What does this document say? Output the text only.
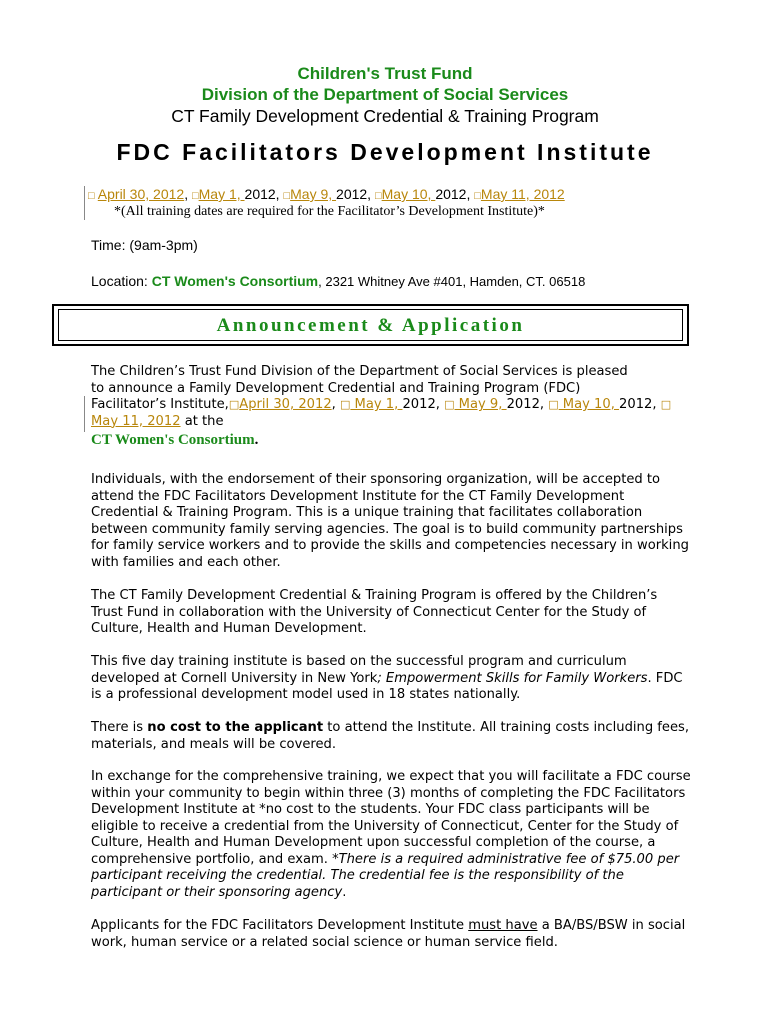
Children's Trust Fund
Division of the Department of Social Services
CT Family Development Credential & Training Program
FDC Facilitators Development Institute
□ April 30, 2012, □May 1, 2012, □May 9, 2012, □May 10, 2012, □May 11, 2012
*(All training dates are required for the Facilitator’s Development Institute)*
Time: (9am-3pm)
Location: CT Women's Consortium, 2321 Whitney Ave #401, Hamden, CT. 06518
Announcement & Application

The Children’s Trust Fund Division of the Department of Social Services is pleased

to announce a Family Development Credential and Training Program (FDC)

Facilitator’s Institute,□April 30, 2012, □ May 1, 2012, □ May 9, 2012, □ May 10, 2012, □

May 11, 2012 at the

CT Women's Consortium.
Individuals, with the endorsement of their sponsoring organization, will be accepted to attend the FDC Facilitators Development Institute for the CT Family Development Credential & Training Program. This is a unique training that facilitates collaboration between community family serving agencies. The goal is to build community partnerships for family service workers and to provide the skills and competencies necessary in working with families and each other.
The CT Family Development Credential & Training Program is offered by the Children’s Trust Fund in collaboration with the University of Connecticut Center for the Study of Culture, Health and Human Development.
This five day training institute is based on the successful program and curriculum developed at Cornell University in New York; Empowerment Skills for Family Workers. FDC is a professional development model used in 18 states nationally.
There is no cost to the applicant to attend the Institute. All training costs including fees, materials, and meals will be covered.
In exchange for the comprehensive training, we expect that you will facilitate a FDC course within your community to begin within three (3) months of completing the FDC Facilitators Development Institute at *no cost to the students. Your FDC class participants will be eligible to receive a credential from the University of Connecticut, Center for the Study of Culture, Health and Human Development upon successful completion of the course, a comprehensive portfolio, and exam. *There is a required administrative fee of $75.00 per participant receiving the credential. The credential fee is the responsibility of the participant or their sponsoring agency.
Applicants for the FDC Facilitators Development Institute must have a BA/BS/BSW in social work, human service or a related social science or human service field.
